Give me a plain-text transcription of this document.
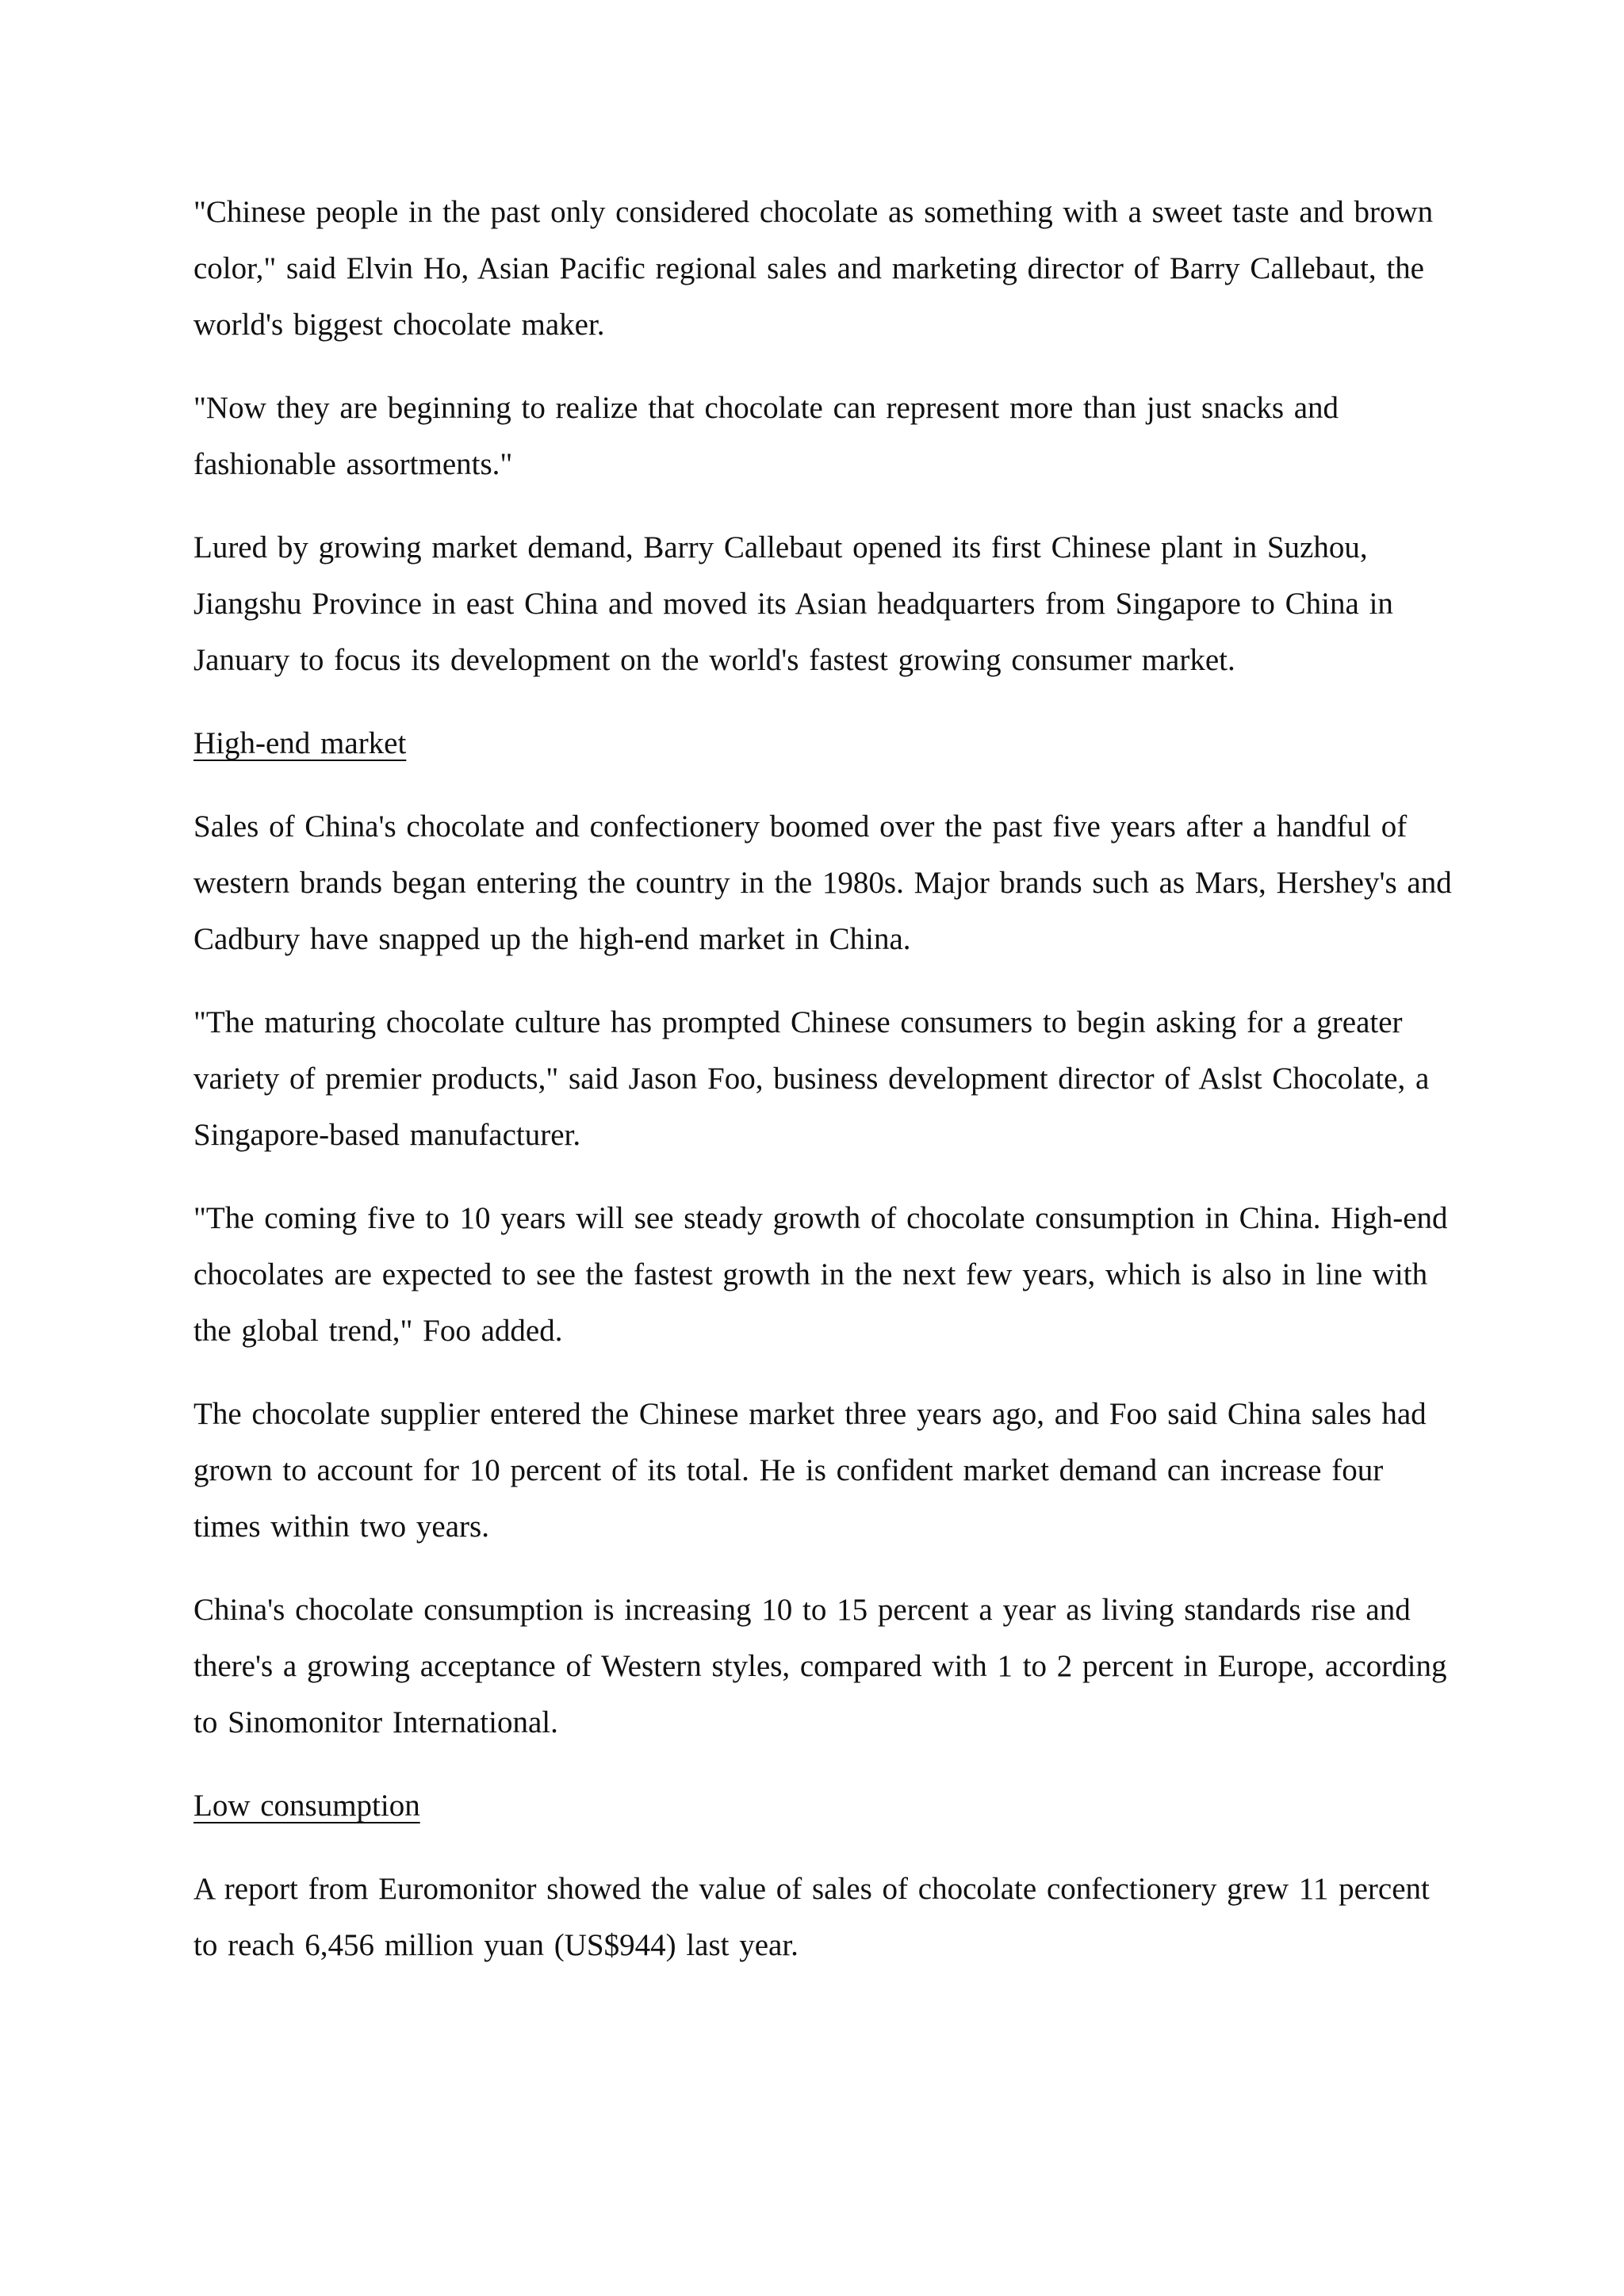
"Chinese people in the past only considered chocolate as something with a sweet taste and brown color," said Elvin Ho, Asian Pacific regional sales and marketing director of Barry Callebaut, the world's biggest chocolate maker.

"Now they are beginning to realize that chocolate can represent more than just snacks and fashionable assortments."

Lured by growing market demand, Barry Callebaut opened its first Chinese plant in Suzhou, Jiangshu Province in east China and moved its Asian headquarters from Singapore to China in January to focus its development on the world's fastest growing consumer market.

High-end market

Sales of China's chocolate and confectionery boomed over the past five years after a handful of western brands began entering the country in the 1980s. Major brands such as Mars, Hershey's and Cadbury have snapped up the high-end market in China.

"The maturing chocolate culture has prompted Chinese consumers to begin asking for a greater variety of premier products," said Jason Foo, business development director of Aslst Chocolate, a Singapore-based manufacturer.

"The coming five to 10 years will see steady growth of chocolate consumption in China. High-end chocolates are expected to see the fastest growth in the next few years, which is also in line with the global trend," Foo added.

The chocolate supplier entered the Chinese market three years ago, and Foo said China sales had grown to account for 10 percent of its total. He is confident market demand can increase four times within two years.

China's chocolate consumption is increasing 10 to 15 percent a year as living standards rise and there's a growing acceptance of Western styles, compared with 1 to 2 percent in Europe, according to Sinomonitor International.

Low consumption

A report from Euromonitor showed the value of sales of chocolate confectionery grew 11 percent to reach 6,456 million yuan (US$944) last year.
